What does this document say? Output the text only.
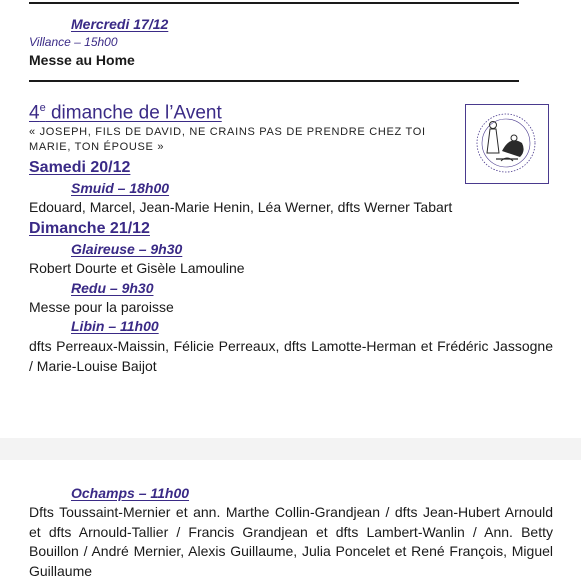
Mercredi 17/12
Villance – 15h00
Messe au Home
4e dimanche de l’Avent
« JOSEPH, FILS DE DAVID, NE CRAINS PAS DE PRENDRE CHEZ TOI
MARIE, TON ÉPOUSE »
Samedi 20/12
Smuid – 18h00
Edouard, Marcel, Jean-Marie Henin, Léa Werner, dfts Werner Tabart
Dimanche 21/12
Glaireuse – 9h30
Robert Dourte et Gisèle Lamouline
Redu – 9h30
Messe pour la paroisse
Libin – 11h00
dfts Perreaux-Maissin, Félicie Perreaux, dfts Lamotte-Herman et Frédéric Jassogne / Marie-Louise Baijot
Ochamps – 11h00
Dfts Toussaint-Mernier et ann. Marthe Collin-Grandjean / dfts Jean-Hubert Arnould et dfts Arnould-Tallier / Francis Grandjean et dfts Lambert-Wanlin / Ann. Betty Bouillon / André Mernier, Alexis Guillaume, Julia Poncelet et René François, Miguel Guillaume
